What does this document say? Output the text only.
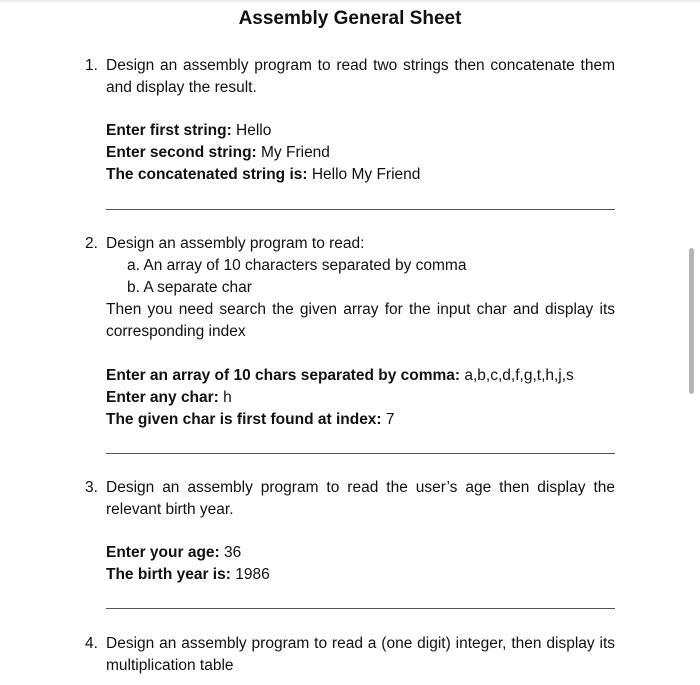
Assembly General Sheet
1. Design an assembly program to read two strings then concatenate them and display the result.
Enter first string: Hello
Enter second string: My Friend
The concatenated string is: Hello My Friend
2. Design an assembly program to read:
a. An array of 10 characters separated by comma
b. A separate char
Then you need search the given array for the input char and display its corresponding index
Enter an array of 10 chars separated by comma: a,b,c,d,f,g,t,h,j,s
Enter any char: h
The given char is first found at index: 7
3. Design an assembly program to read the user’s age then display the relevant birth year.
Enter your age: 36
The birth year is: 1986
4. Design an assembly program to read a (one digit) integer, then display its multiplication table
